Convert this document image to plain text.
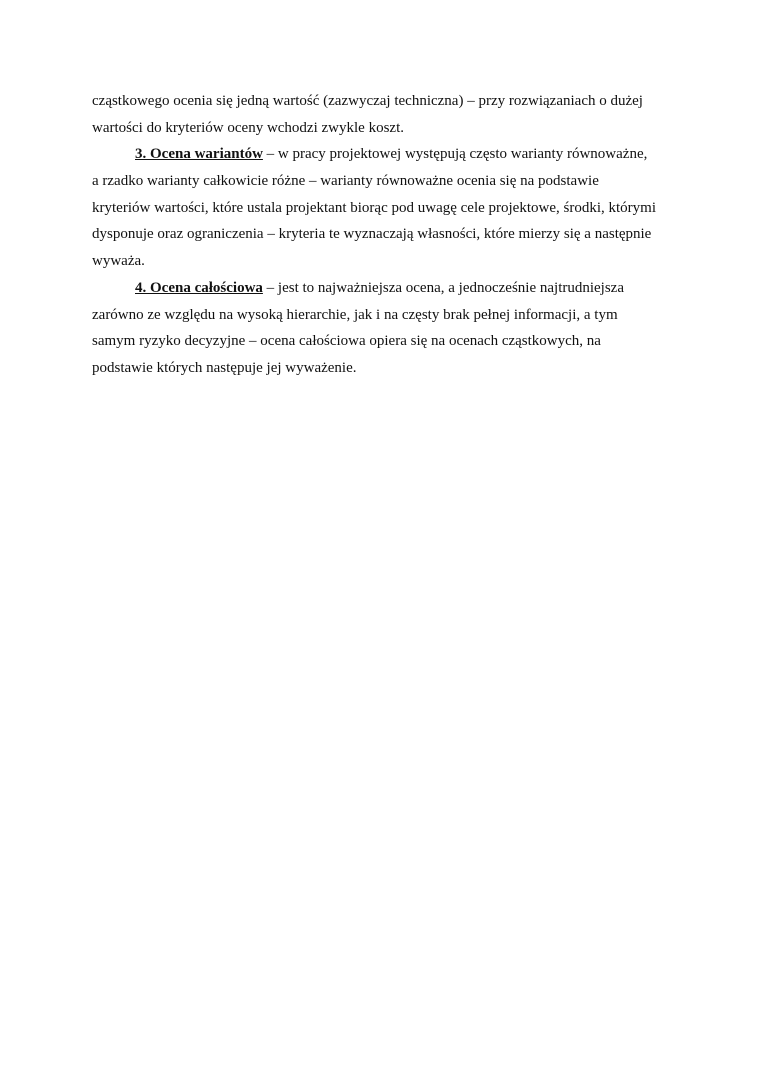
cząstkowego ocenia się jedną wartość (zazwyczaj techniczna) – przy rozwiązaniach o dużej
wartości do kryteriów oceny wchodzi zwykle koszt.
3. Ocena wariantów – w pracy projektowej występują często warianty równoważne,
a rzadko warianty całkowicie różne – warianty równoważne ocenia się na podstawie
kryteriów wartości, które ustala projektant biorąc pod uwagę cele projektowe, środki, którymi
dysponuje oraz ograniczenia – kryteria te wyznaczają własności, które mierzy się a następnie
wyważa.
4. Ocena całościowa – jest to najważniejsza ocena, a jednocześnie najtrudniejsza
zarówno ze względu na wysoką hierarchie, jak i na częsty brak pełnej informacji, a tym
samym ryzyko decyzyjne – ocena całościowa opiera się na ocenach cząstkowych, na
podstawie których następuje jej wyważenie.
